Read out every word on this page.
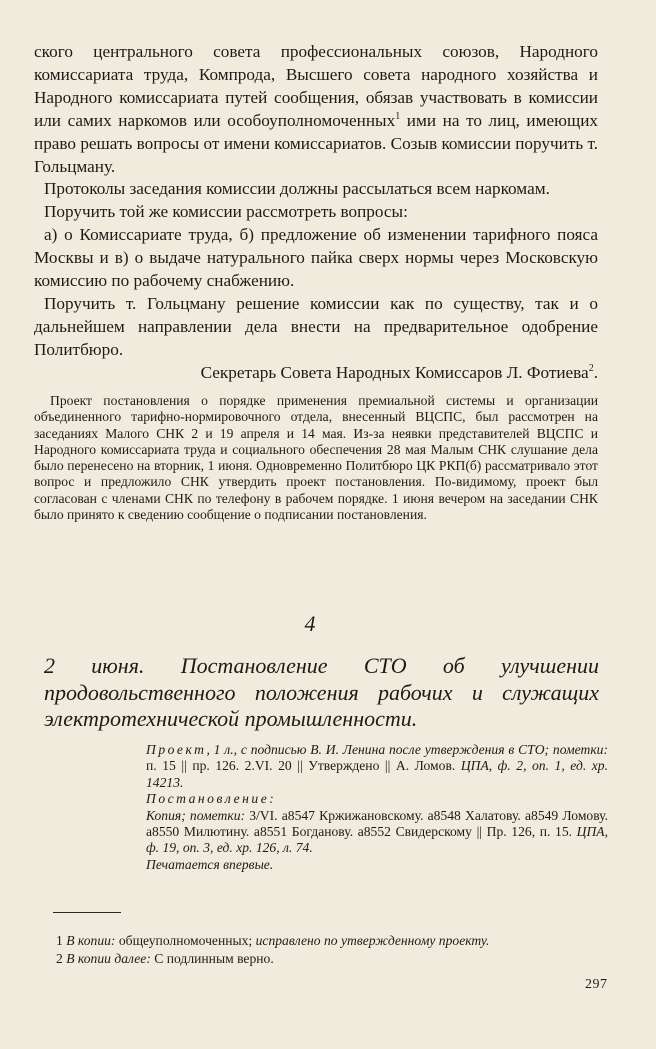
ского центрального совета профессиональных союзов, Народного комиссариата труда, Компрода, Высшего совета народного хозяйства и Народного комиссариата путей сообщения, обязав участвовать в комиссии или самих наркомов или особоуполномоченных$^1$ ими на то лиц, имеющих право решать вопросы от имени комиссариатов. Созыв комиссии поручить т. Гольцману.

Протоколы заседания комиссии должны рассылаться всем наркомам.

Поручить той же комиссии рассмотреть вопросы:

а) о Комиссариате труда, б) предложение об изменении тарифного пояса Москвы и в) о выдаче натурального пайка сверх нормы через Московскую комиссию по рабочему снабжению.

Поручить т. Гольцману решение комиссии как по существу, так и о дальнейшем направлении дела внести на предварительное одобрение Политбюро.

Секретарь Совета Народных Комиссаров Л. Фотиева$^2$.

Проект постановления о порядке применения премиальной системы и организации объединенного тарифно-нормировочного отдела, внесенный ВЦСПС, был рассмотрен на заседаниях Малого СНК 2 и 19 апреля и 14 мая. Из-за неявки представителей ВЦСПС и Народного комиссариата труда и социального обеспечения 28 мая Малым СНК слушание дела было перенесено на вторник, 1 июня. Одновременно Политбюро ЦК РКП(б) рассматривало этот вопрос и предложило СНК утвердить проект постановления. По-видимому, проект был согласован с членами СНК по телефону в рабочем порядке. 1 июня вечером на заседании СНК было принято к сведению сообщение о подписании постановления.

4

2 июня. Постановление СТО об улучшении продовольственного положения рабочих и служащих электротехнической промышленности.

Проект, 1 л., с подписью В. И. Ленина после утверждения в СТО; пометки: п. 15 || пр. 126. 2.VI. 20 || Утверждено || А. Ломов. ЦПА, ф. 2, оп. 1, ед. хр. 14213.

Постановление:

Копия; пометки: 3/VI. а8547 Кржижановскому. а8548 Халатову. а8549 Ломову. а8550 Милютину. а8551 Богданову. а8552 Свидерскому || Пр. 126, п. 15. ЦПА, ф. 19, оп. 3, ед. хр. 126, л. 74.

Печатается впервые.

1 В копии: общеуполномоченных; исправлено по утвержденному проекту.

2 В копии далее: С подлинным верно.

297
